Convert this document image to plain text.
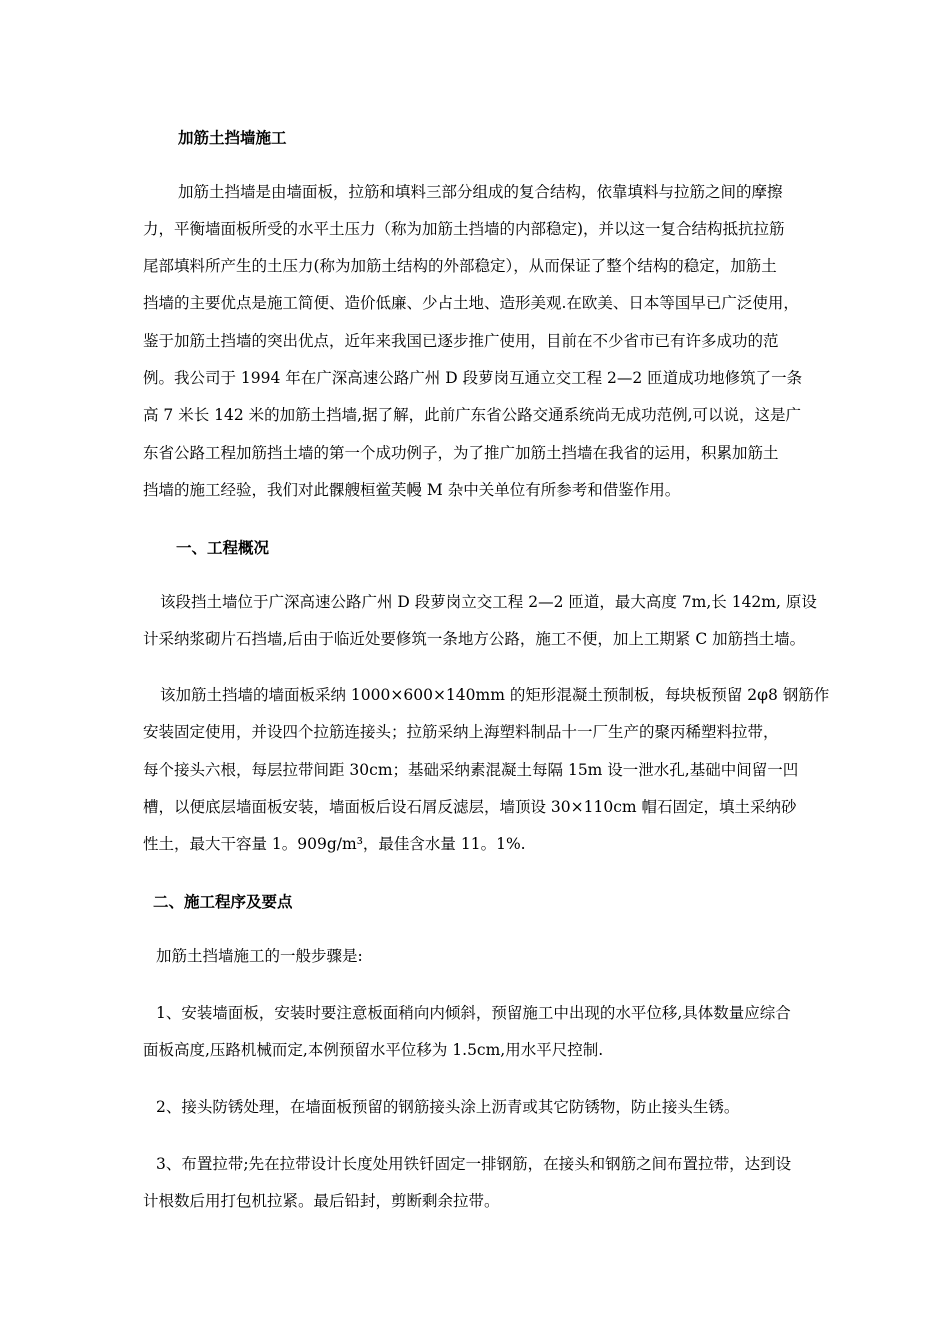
加筋土挡墙施工
加筋土挡墙是由墙面板，拉筋和填料三部分组成的复合结构，依靠填料与拉筋之间的摩擦
力，平衡墙面板所受的水平土压力（称为加筋土挡墙的内部稳定)，并以这一复合结构抵抗拉筋
尾部填料所产生的土压力(称为加筋土结构的外部稳定），从而保证了整个结构的稳定，加筋土
挡墙的主要优点是施工简便、造价低廉、少占土地、造形美观.在欧美、日本等国早已广泛使用，
鉴于加筋土挡墙的突出优点，近年来我国已逐步推广使用，目前在不少省市已有许多成功的范
例。我公司于 1994 年在广深高速公路广州 D 段萝岗互通立交工程 2—2 匝道成功地修筑了一条
高 7 米长 142 米的加筋土挡墙,据了解，此前广东省公路交通系统尚无成功范例,可以说，这是广
东省公路工程加筋挡土墙的第一个成功例子，为了推广加筋土挡墙在我省的运用，积累加筋土
挡墙的施工经验，我们对此髁艘桓鲎芙幔 M 杂中关单位有所参考和借鉴作用。
一、工程概况
该段挡土墙位于广深高速公路广州 D 段萝岗立交工程 2—2 匝道，最大高度 7m,长 142m, 原设
计采纳浆砌片石挡墙,后由于临近处要修筑一条地方公路，施工不便，加上工期紧 C 加筋挡土墙。
该加筋土挡墙的墙面板采纳 1000×600×140mm 的矩形混凝土预制板，每块板预留 2φ8 钢筋作
安装固定使用，并设四个拉筋连接头；拉筋采纳上海塑料制品十一厂生产的聚丙稀塑料拉带，
每个接头六根，每层拉带间距 30cm；基础采纳素混凝土每隔 15m 设一泄水孔,基础中间留一凹
槽，以便底层墙面板安装，墙面板后设石屑反滤层，墙顶设 30×110cm 帽石固定，填土采纳砂
性土，最大干容量 1。909g/m³，最佳含水量 11。1%.
二、施工程序及要点
加筋土挡墙施工的一般步骤是:
1、安装墙面板，安装时要注意板面稍向内倾斜，预留施工中出现的水平位移,具体数量应综合
面板高度,压路机械而定,本例预留水平位移为 1.5cm,用水平尺控制.
2、接头防锈处理，在墙面板预留的钢筋接头涂上沥青或其它防锈物，防止接头生锈。
3、布置拉带;先在拉带设计长度处用铁钎固定一排钢筋，在接头和钢筋之间布置拉带，达到设
计根数后用打包机拉紧。最后铅封，剪断剩余拉带。
